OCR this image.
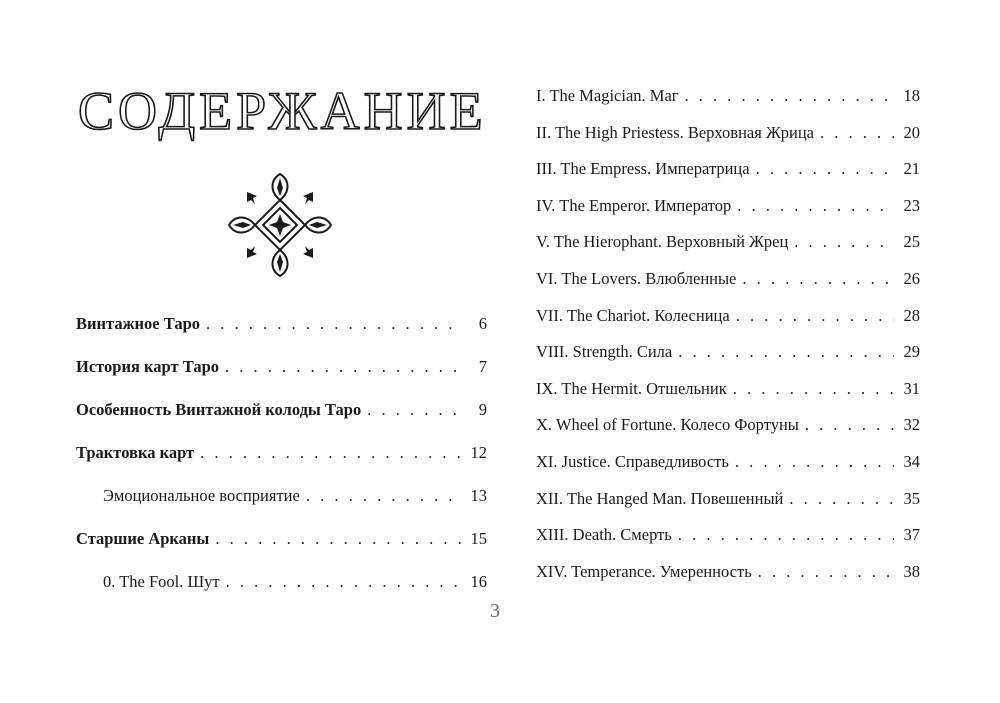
СОДЕРЖАНИЕ
Винтажное Таро . . .	6
История карт Таро . . .	7
Особенность Винтажной колоды Таро . . .	9
Трактовка карт . . .	12
Эмоциональное восприятие . . .	13
Старшие Арканы . . .	15
0. The Fool. Шут . . .	16
I. The Magician. Маг . . .	18
II. The High Priestess. Верховная Жрица . . .	20
III. The Empress. Императрица . . .	21
IV. The Emperor. Император . . .	23
V. The Hierophant. Верховный Жрец . . .	25
VI. The Lovers. Влюбленные . . .	26
VII. The Chariot. Колесница . . .	28
VIII. Strength. Сила . . .	29
IX. The Hermit. Отшельник . . .	31
X. Wheel of Fortune. Колесо Фортуны . . .	32
XI. Justice. Справедливость . . .	34
XII. The Hanged Man. Повешенный . . .	35
XIII. Death. Смерть . . .	37
XIV. Temperance. Умеренность . . .	38
3
